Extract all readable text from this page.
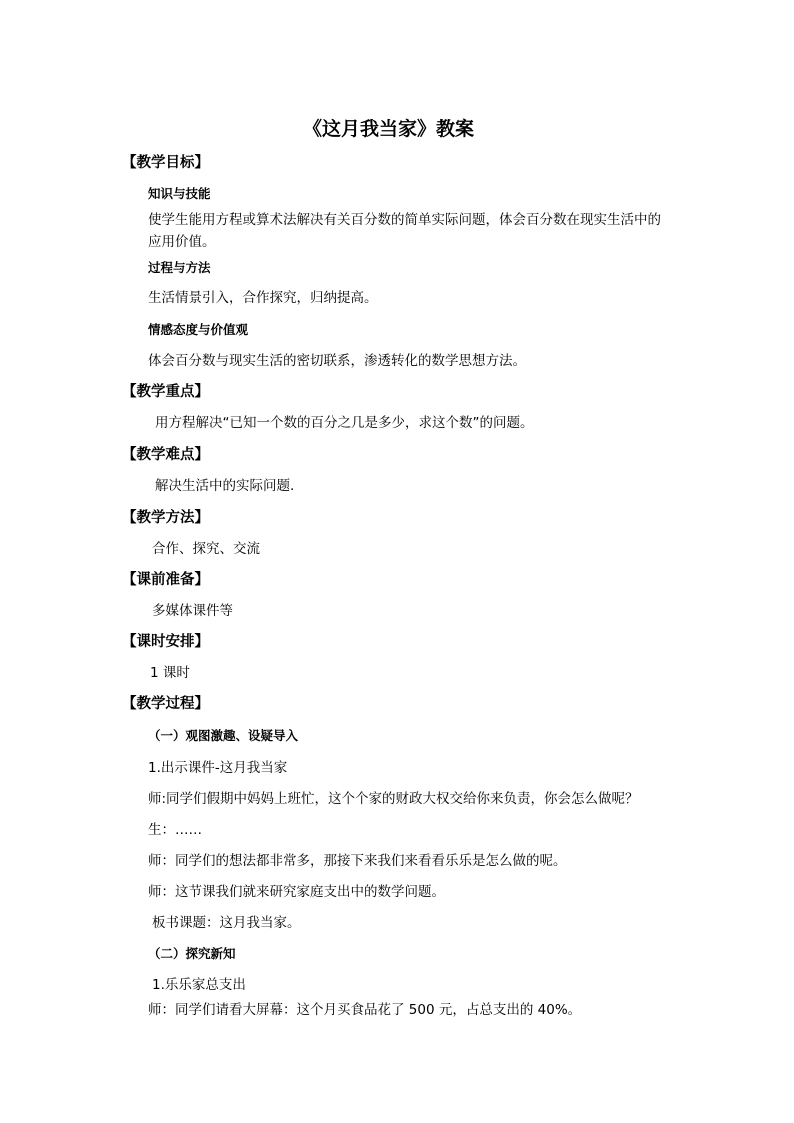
《这月我当家》教案
【教学目标】
知识与技能
使学生能用方程或算术法解决有关百分数的简单实际问题，体会百分数在现实生活中的
应用价值。
过程与方法
生活情景引入，合作探究，归纳提高。
情感态度与价值观
体会百分数与现实生活的密切联系，渗透转化的数学思想方法。
【教学重点】
用方程解决“已知一个数的百分之几是多少，求这个数”的问题。
【教学难点】
解决生活中的实际问题.
【教学方法】
合作、探究、交流
【课前准备】
多媒体课件等
【课时安排】
1 课时
【教学过程】
（一）观图激趣、设疑导入
1.出示课件-这月我当家
师:同学们假期中妈妈上班忙，这个个家的财政大权交给你来负责，你会怎么做呢？
生：……
师：同学们的想法都非常多，那接下来我们来看看乐乐是怎么做的呢。
师：这节课我们就来研究家庭支出中的数学问题。
板书课题：这月我当家。
（二）探究新知
1.乐乐家总支出
师：同学们请看大屏幕：这个月买食品花了 500 元，占总支出的 40%。
